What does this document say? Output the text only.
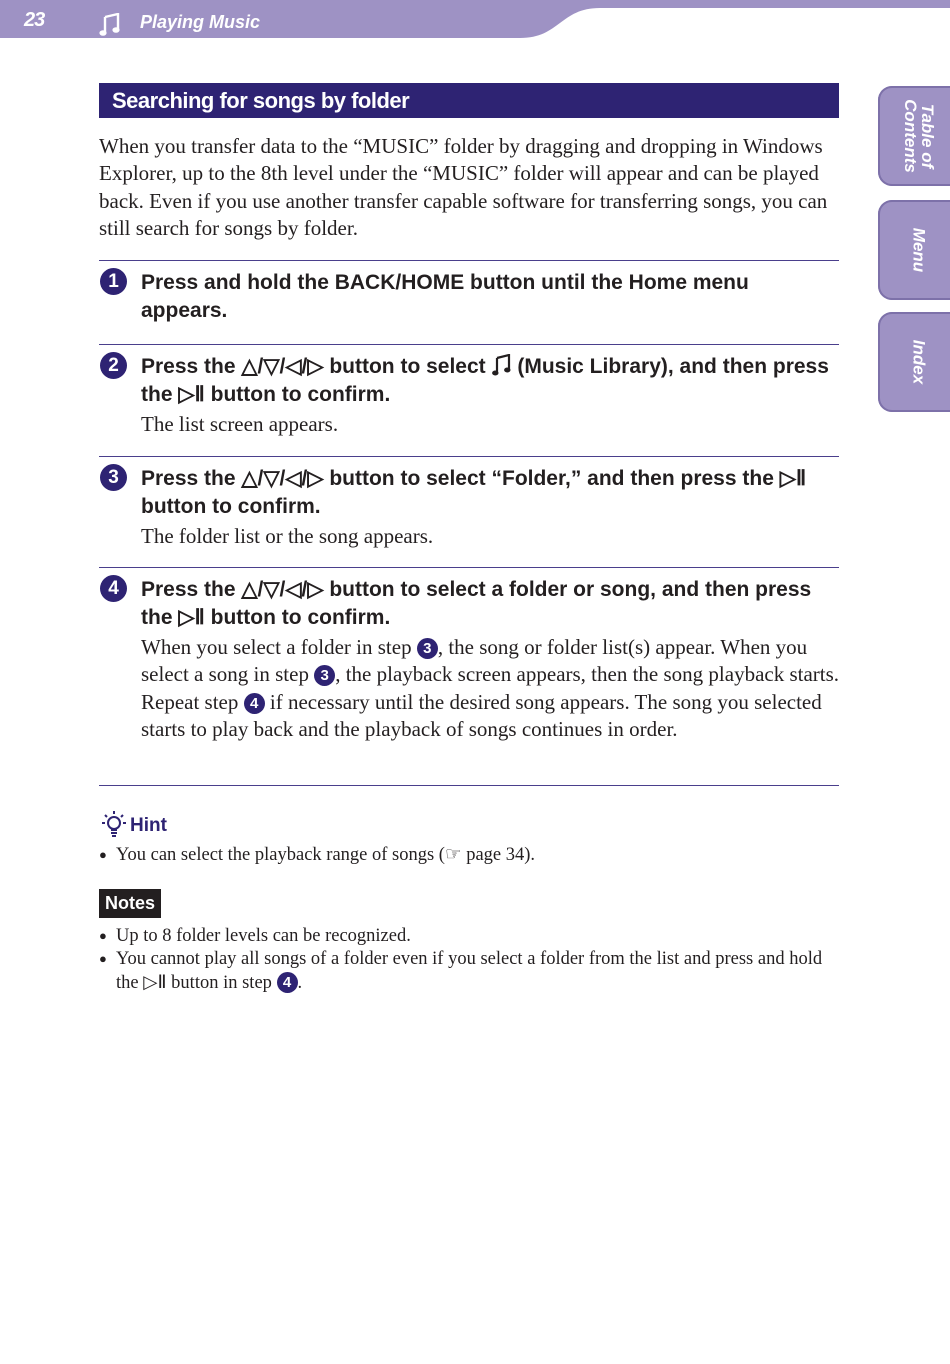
23	Playing Music
Table of
Contents
Menu
Index
Searching for songs by folder

When you transfer data to the “MUSIC” folder by dragging and dropping in Windows Explorer, up to the 8th level under the “MUSIC” folder will appear and can be played back. Even if you use another transfer capable software for transferring songs, you can still search for songs by folder.

1	Press and hold the BACK/HOME button until the Home menu appears.

2	Press the △/▽/◁/▷ button to select  (Music Library), and then press the ▷Ⅱ button to confirm.

The list screen appears.

3	Press the △/▽/◁/▷ button to select “Folder,” and then press the ▷Ⅱ button to confirm.

The folder list or the song appears.

4	Press the △/▽/◁/▷ button to select a folder or song, and then press the ▷Ⅱ button to confirm.

When you select a folder in step 3 , the song or folder list(s) appear. When you select a song in step 3 , the playback screen appears, then the song playback starts. Repeat step 4 if necessary until the desired song appears. The song you selected starts to play back and the playback of songs continues in order.

Hint

● You can select the playback range of songs (☞ page 34).

Notes

● Up to 8 folder levels can be recognized.

● You cannot play all songs of a folder even if you select a folder from the list and press and hold the ▷Ⅱ button in step 4 .
